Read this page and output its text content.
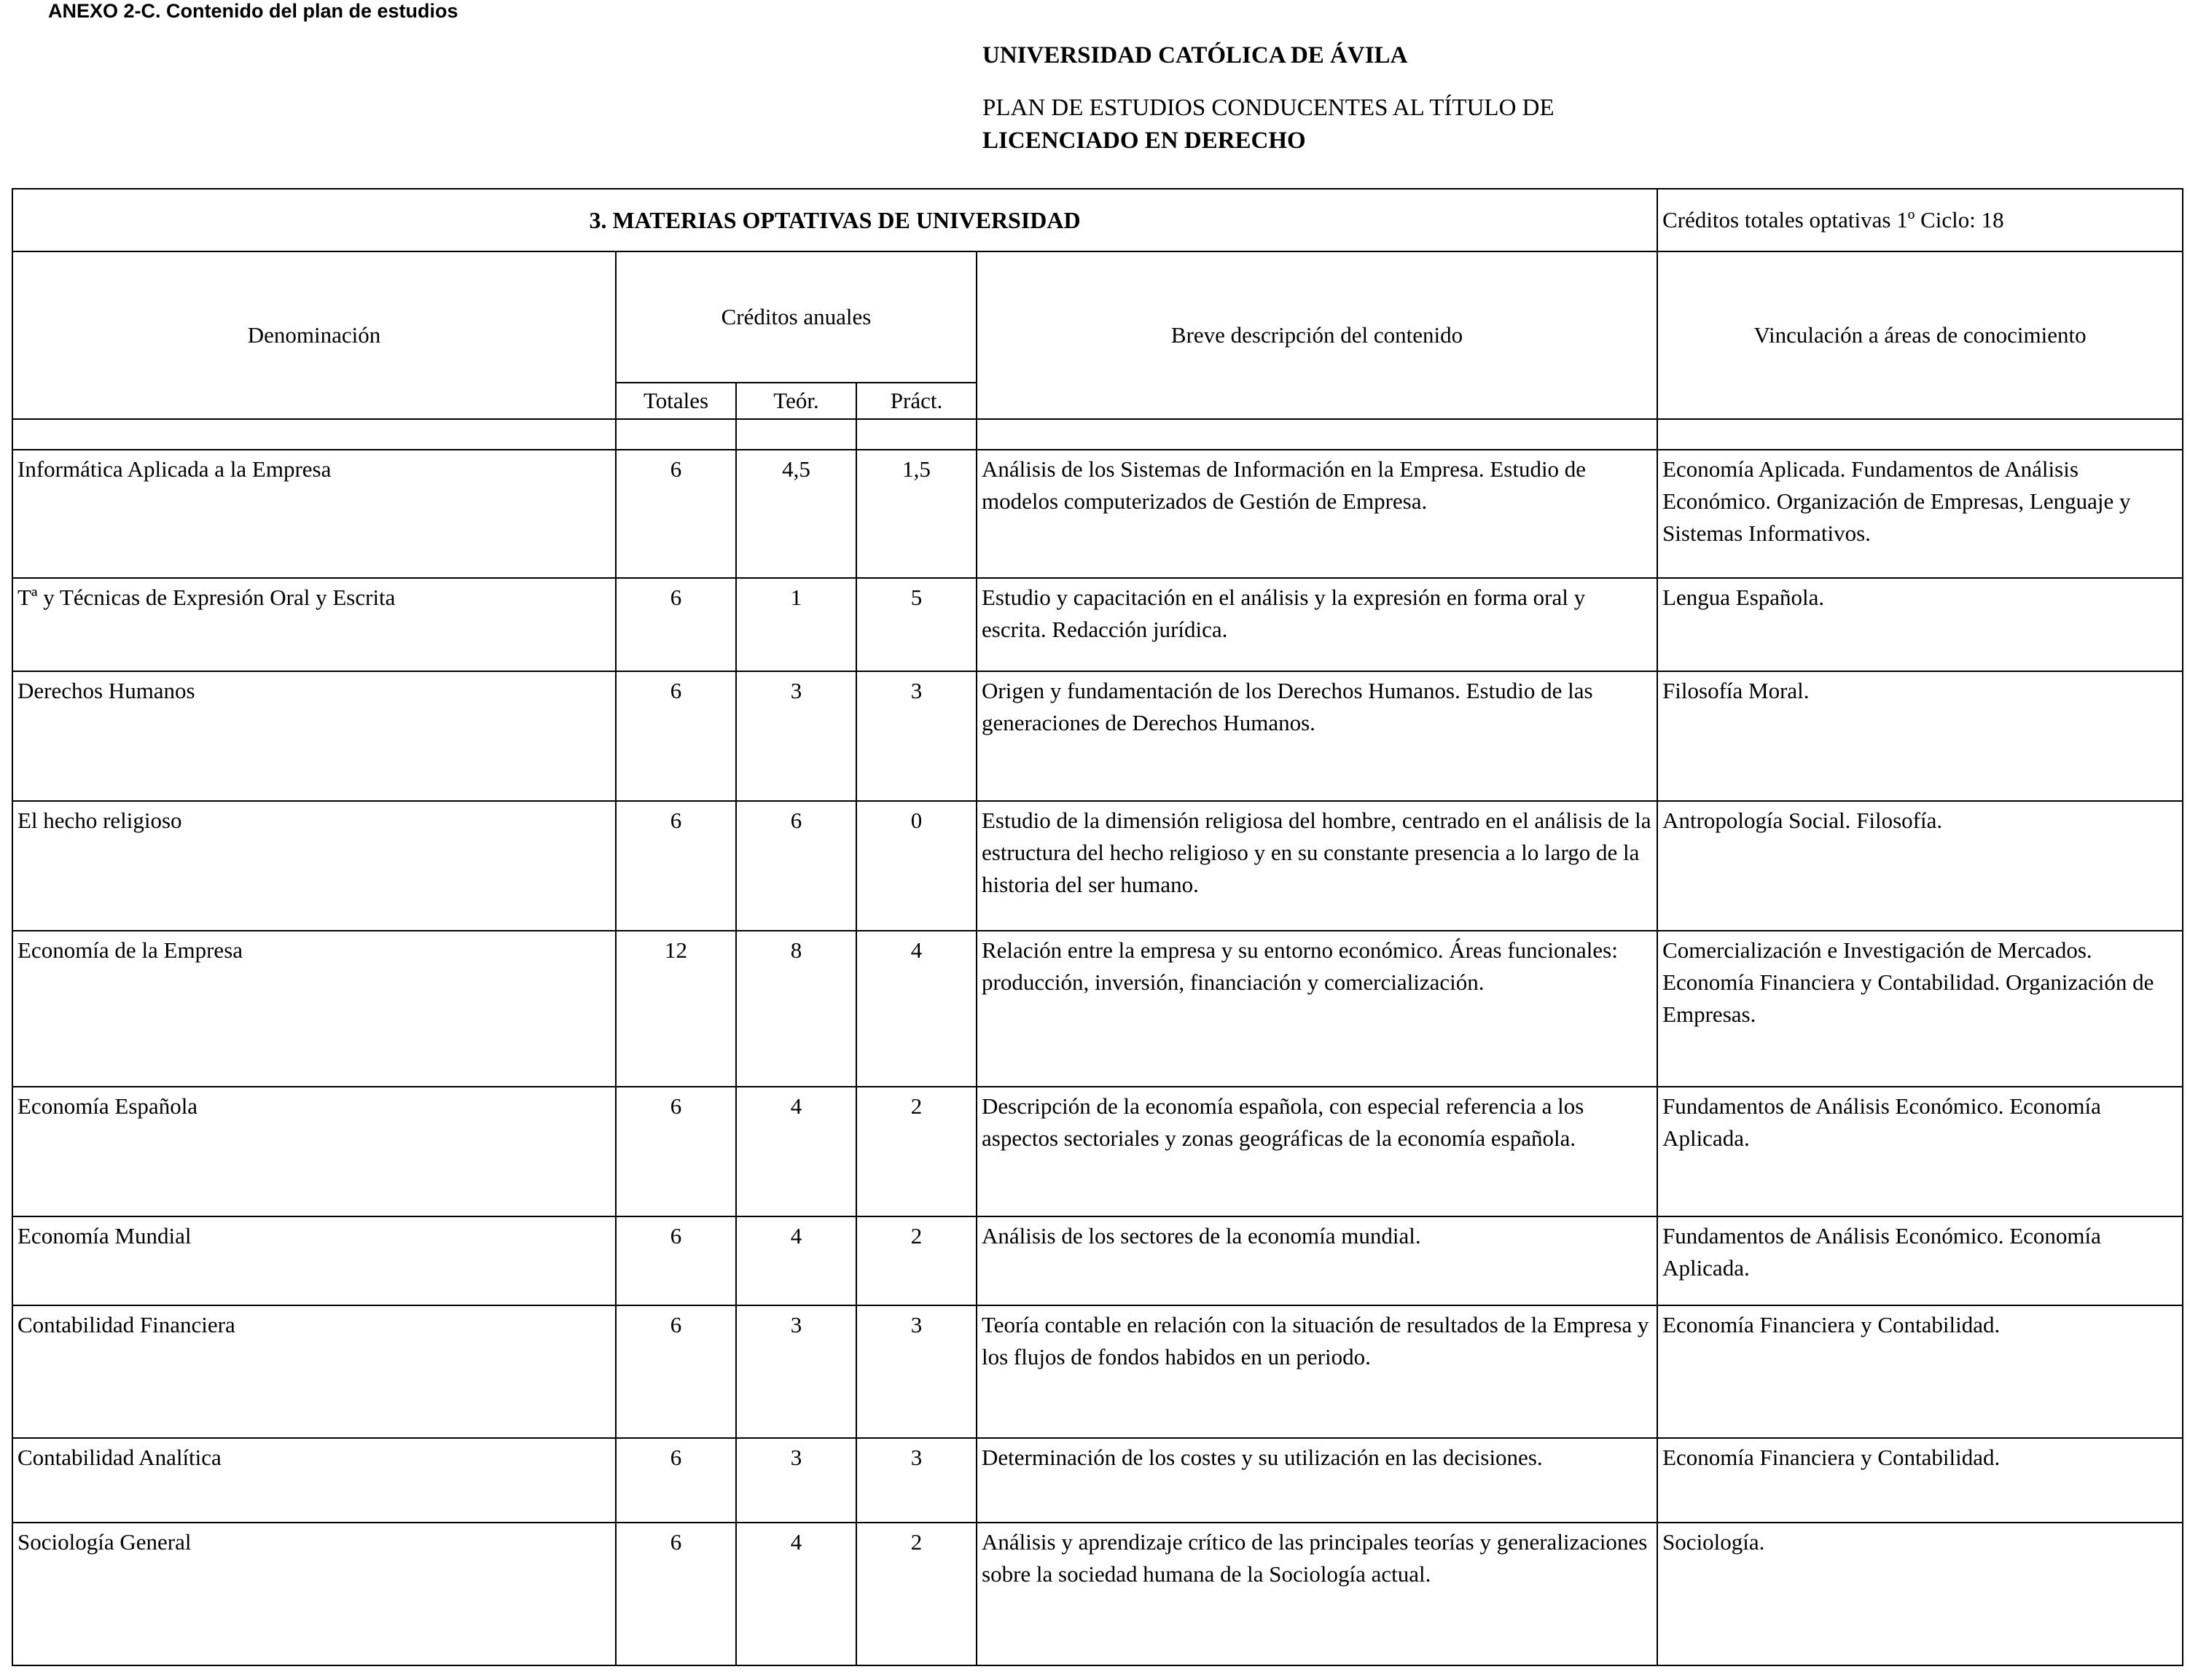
ANEXO 2-C. Contenido del plan de estudios
UNIVERSIDAD CATÓLICA DE ÁVILA
PLAN DE ESTUDIOS CONDUCENTES AL TÍTULO DE
LICENCIADO EN DERECHO
3. MATERIAS OPTATIVAS DE UNIVERSIDAD					Créditos totales optativas 1º Ciclo: 18
Denominación	Créditos anuales			Breve descripción del contenido	Vinculación a áreas de conocimiento
	Totales	Teór.	Práct.		

Informática Aplicada a la Empresa	6	4,5	1,5	Análisis de los Sistemas de Información en la Empresa. Estudio de modelos computerizados de Gestión de Empresa.	Economía Aplicada. Fundamentos de Análisis Económico. Organización de Empresas, Lenguaje y Sistemas Informativos.
Tª y Técnicas de Expresión Oral y Escrita	6	1	5	Estudio y capacitación en el análisis y la expresión en forma oral y escrita. Redacción jurídica.	Lengua Española.
Derechos Humanos	6	3	3	Origen y fundamentación de los Derechos Humanos. Estudio de las generaciones de Derechos Humanos.	Filosofía Moral.
El hecho religioso	6	6	0	Estudio de la dimensión religiosa del hombre, centrado en el análisis de la estructura del hecho religioso y en su constante presencia a lo largo de la historia del ser humano.	Antropología Social. Filosofía.
Economía de la Empresa	12	8	4	Relación entre la empresa y su entorno económico. Áreas funcionales: producción, inversión, financiación y comercialización.	Comercialización e Investigación de Mercados. Economía Financiera y Contabilidad. Organización de Empresas.
Economía Española	6	4	2	Descripción de la economía española, con especial referencia a los aspectos sectoriales y zonas geográficas de la economía española.	Fundamentos de Análisis Económico. Economía Aplicada.
Economía Mundial	6	4	2	Análisis de los sectores de la economía mundial.	Fundamentos de Análisis Económico. Economía Aplicada.
Contabilidad Financiera	6	3	3	Teoría contable en relación con la situación de resultados de la Empresa y los flujos de fondos habidos en un periodo.	Economía Financiera y Contabilidad.
Contabilidad Analítica	6	3	3	Determinación de los costes y su utilización en las decisiones.	Economía Financiera y Contabilidad.
Sociología General	6	4	2	Análisis y aprendizaje crítico de las principales teorías y generalizaciones sobre la sociedad humana de la Sociología actual.	Sociología.
